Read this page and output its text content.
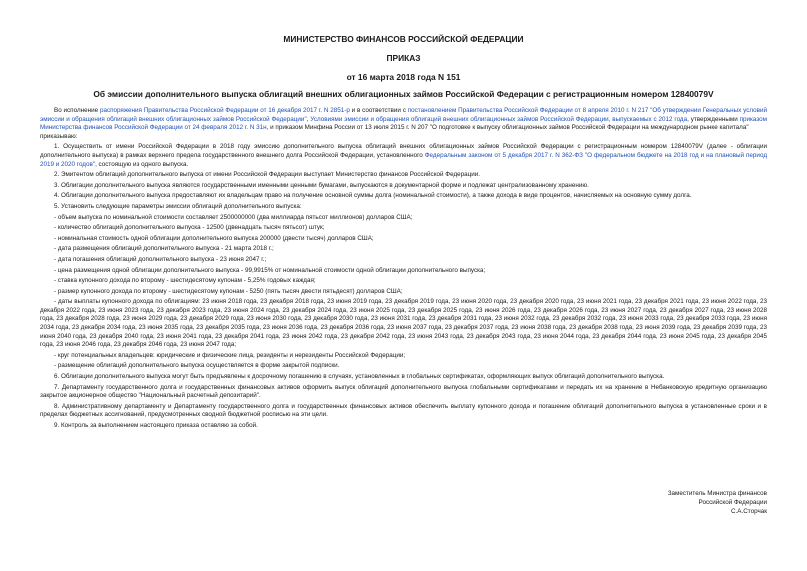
МИНИСТЕРСТВО ФИНАНСОВ РОССИЙСКОЙ ФЕДЕРАЦИИ
ПРИКАЗ
от 16 марта 2018 года N 151
Об эмиссии дополнительного выпуска облигаций внешних облигационных займов Российской Федерации с регистрационным номером 12840079V

Во исполнение распоряжения Правительства Российской Федерации от 16 декабря 2017 г. N 2851-р и в соответствии с постановлением Правительства Российской Федерации от 8 апреля 2010 г. N 217 "Об утверждении Генеральных условий эмиссии и обращения облигаций внешних облигационных займов Российской Федерации", Условиями эмиссии и обращения облигаций внешних облигационных займов Российской Федерации, выпускаемых с 2012 года, утвержденными приказом Министерства финансов Российской Федерации от 24 февраля 2012 г. N 31н, и приказом Минфина России от 13 июля 2015 г. N 207 "О подготовке к выпуску облигационных займов Российской Федерации на международном рынке капитала"

приказываю:

1. Осуществить от имени Российской Федерации в 2018 году эмиссию дополнительного выпуска облигаций внешних облигационных займов Российской Федерации с регистрационным номером 12840079V (далее - облигации дополнительного выпуска) в рамках верхнего предела государственного внешнего долга Российской Федерации, установленного Федеральным законом от 5 декабря 2017 г. N 362-ФЗ "О федеральном бюджете на 2018 год и на плановый период 2019 и 2020 годов", состоящую из одного выпуска.

2. Эмитентом облигаций дополнительного выпуска от имени Российской Федерации выступает Министерство финансов Российской Федерации.

3. Облигации дополнительного выпуска являются государственными именными ценными бумагами, выпускаются в документарной форме и подлежат централизованному хранению.

4. Облигации дополнительного выпуска предоставляют их владельцам право на получение основной суммы долга (номинальной стоимости), а также дохода в виде процентов, начисляемых на основную сумму долга.

5. Установить следующие параметры эмиссии облигаций дополнительного выпуска:

- объем выпуска по номинальной стоимости составляет 2500000000 (два миллиарда пятьсот миллионов) долларов США;

- количество облигаций дополнительного выпуска - 12500 (двенадцать тысяч пятьсот) штук;

- номинальная стоимость одной облигации дополнительного выпуска 200000 (двести тысяч) долларов США;

- дата размещения облигаций дополнительного выпуска - 21 марта 2018 г.;

- дата погашения облигаций дополнительного выпуска - 23 июня 2047 г.;

- цена размещения одной облигации дополнительного выпуска - 99,9915% от номинальной стоимости одной облигации дополнительного выпуска;

- ставка купонного дохода по второму - шестидесятому купонам - 5,25% годовых каждая;

- размер купонного дохода по второму - шестидесятому купонам - 5250 (пять тысяч двести пятьдесят) долларов США;

- даты выплаты купонного дохода по облигациям: 23 июня 2018 года, 23 декабря 2018 года, 23 июня 2019 года, 23 декабря 2019 года, 23 июня 2020 года, 23 декабря 2020 года, 23 июня 2021 года, 23 декабря 2021 года, 23 июня 2022 года, 23 декабря 2022 года, 23 июня 2023 года, 23 декабря 2023 года, 23 июня 2024 года, 23 декабря 2024 года, 23 июня 2025 года, 23 декабря 2025 года, 23 июня 2026 года, 23 декабря 2026 года, 23 июня 2027 года, 23 декабря 2027 года, 23 июня 2028 года, 23 декабря 2028 года, 23 июня 2029 года, 23 декабря 2029 года, 23 июня 2030 года, 23 декабря 2030 года, 23 июня 2031 года, 23 декабря 2031 года, 23 июня 2032 года, 23 декабря 2032 года, 23 июня 2033 года, 23 декабря 2033 года, 23 июня 2034 года, 23 декабря 2034 года, 23 июня 2035 года, 23 декабря 2035 года, 23 июня 2036 года, 23 декабря 2036 года, 23 июня 2037 года, 23 декабря 2037 года, 23 июня 2038 года, 23 декабря 2038 года, 23 июня 2039 года, 23 декабря 2039 года, 23 июня 2040 года, 23 декабря 2040 года, 23 июня 2041 года, 23 декабря 2041 года, 23 июня 2042 года, 23 декабря 2042 года, 23 июня 2043 года, 23 декабря 2043 года, 23 июня 2044 года, 23 декабря 2044 года, 23 июня 2045 года, 23 декабря 2045 года, 23 июня 2046 года, 23 декабря 2046 года, 23 июня 2047 года;

- круг потенциальных владельцев: юридические и физические лица, резиденты и нерезиденты Российской Федерации;

- размещение облигаций дополнительного выпуска осуществляется в форме закрытой подписки.

6. Облигации дополнительного выпуска могут быть предъявлены к досрочному погашению в случаях, установленных в глобальных сертификатах, оформляющих выпуск облигаций дополнительного выпуска.

7. Департаменту государственного долга и государственных финансовых активов оформить выпуск облигаций дополнительного выпуска глобальными сертификатами и передать их на хранение в Небанковскую кредитную организацию закрытое акционерное общество "Национальный расчетный депозитарий".

8. Административному департаменту и Департаменту государственного долга и государственных финансовых активов обеспечить выплату купонного дохода и погашение облигаций дополнительного выпуска в установленные сроки и в пределах бюджетных ассигнований, предусмотренных сводной бюджетной росписью на эти цели.

9. Контроль за выполнением настоящего приказа оставляю за собой.

Заместитель Министра финансов
Российской Федерации
С.А.Сторчак
